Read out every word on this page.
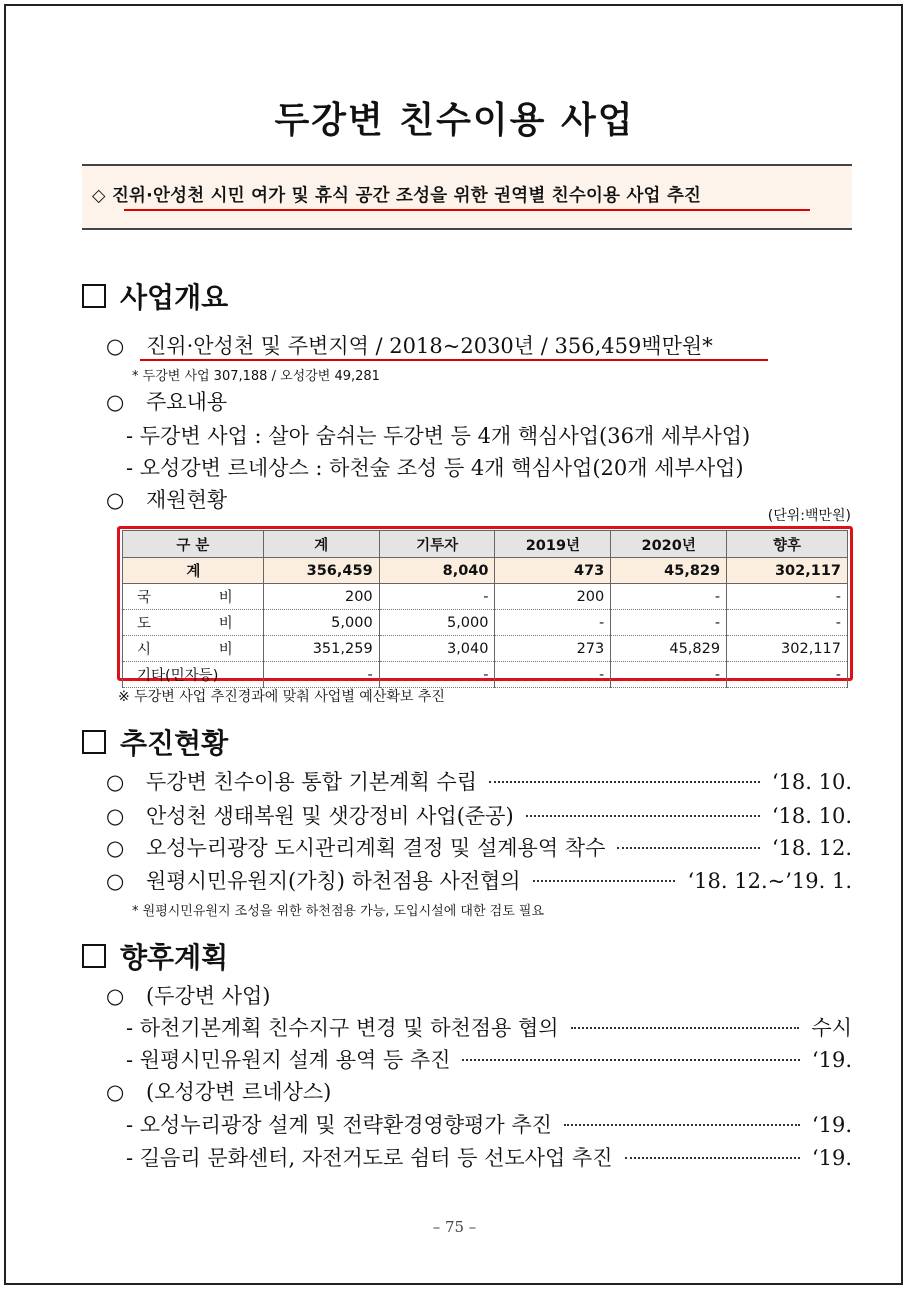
두강변 친수이용 사업
◇ 진위·안성천 시민 여가 및 휴식 공간 조성을 위한 권역별 친수이용 사업 추진
사업개요
○ 진위·안성천 및 주변지역 / 2018~2030년 / 356,459백만원*
* 두강변 사업 307,188 / 오성강변 49,281
○ 주요내용
- 두강변 사업 : 살아 숨쉬는 두강변 등 4개 핵심사업(36개 세부사업)
- 오성강변 르네상스 : 하천숲 조성 등 4개 핵심사업(20개 세부사업)
○ 재원현황
(단위:백만원)
구 분	계	기투자	2019년	2020년	향후
계	356,459	8,040	473	45,829	302,117

국 비	200	-	200	-	-

도 비	5,000	5,000	-	-	-

시 비	351,259	3,040	273	45,829	302,117
기타(민자등)	-	-	-	-	-
※ 두강변 사업 추진경과에 맞춰 사업별 예산확보 추진
추진현황
○	두강변 친수이용 통합 기본계획 수립	‘18. 10.
○	안성천 생태복원 및 샛강정비 사업(준공)	‘18. 10.
○	오성누리광장 도시관리계획 결정 및 설계용역 착수	‘18. 12.
○	원평시민유원지(가칭) 하천점용 사전협의	‘18. 12.~’19. 1.
* 원평시민유원지 조성을 위한 하천점용 가능, 도입시설에 대한 검토 필요
향후계획
○ (두강변 사업)
- 하천기본계획 친수지구 변경 및 하천점용 협의	수시
- 원평시민유원지 설계 용역 등 추진	‘19.
○ (오성강변 르네상스)
- 오성누리광장 설계 및 전략환경영향평가 추진	‘19.
- 길음리 문화센터, 자전거도로 쉼터 등 선도사업 추진	‘19.
– 75 –
